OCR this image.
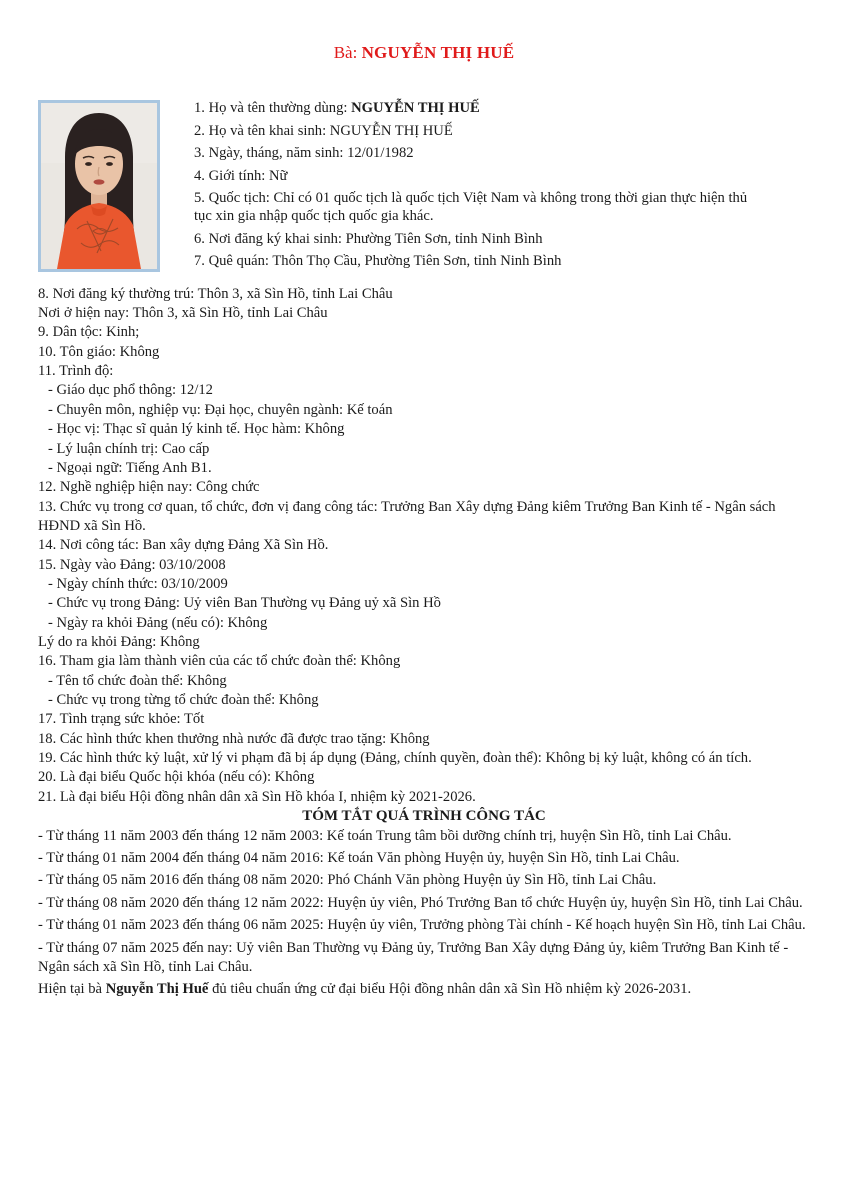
Bà: NGUYỄN THỊ HUẾ

1. Họ và tên thường dùng: NGUYỄN THỊ HUẾ

2. Họ và tên khai sinh: NGUYỄN THỊ HUẾ

3. Ngày, tháng, năm sinh: 12/01/1982

4. Giới tính: Nữ

5. Quốc tịch: Chỉ có 01 quốc tịch là quốc tịch Việt Nam và không trong thời gian thực hiện thủ tục xin gia nhập quốc tịch quốc gia khác.

6. Nơi đăng ký khai sinh: Phường Tiên Sơn, tỉnh Ninh Bình

7. Quê quán: Thôn Thọ Cầu, Phường Tiên Sơn, tỉnh Ninh Bình

8. Nơi đăng ký thường trú: Thôn 3, xã Sìn Hồ, tỉnh Lai Châu

Nơi ở hiện nay: Thôn 3, xã Sìn Hồ, tỉnh Lai Châu

9. Dân tộc: Kinh;

10. Tôn giáo: Không

11. Trình độ:

- Giáo dục phổ thông: 12/12

- Chuyên môn, nghiệp vụ: Đại học, chuyên ngành: Kế toán

- Học vị: Thạc sĩ quản lý kinh tế. Học hàm: Không

- Lý luận chính trị: Cao cấp

- Ngoại ngữ: Tiếng Anh B1.

12. Nghề nghiệp hiện nay: Công chức

13. Chức vụ trong cơ quan, tổ chức, đơn vị đang công tác: Trưởng Ban Xây dựng Đảng kiêm Trưởng Ban Kinh tế - Ngân sách HĐND xã Sìn Hồ.

14. Nơi công tác: Ban xây dựng Đảng Xã Sìn Hồ.

15. Ngày vào Đảng: 03/10/2008

- Ngày chính thức: 03/10/2009

- Chức vụ trong Đảng: Uỷ viên Ban Thường vụ Đảng uỷ xã Sìn Hồ

- Ngày ra khỏi Đảng (nếu có): Không

Lý do ra khỏi Đảng: Không

16. Tham gia làm thành viên của các tổ chức đoàn thể: Không

- Tên tổ chức đoàn thể: Không

- Chức vụ trong từng tổ chức đoàn thể: Không

17. Tình trạng sức khỏe: Tốt

18. Các hình thức khen thưởng nhà nước đã được trao tặng: Không

19. Các hình thức kỷ luật, xử lý vi phạm đã bị áp dụng (Đảng, chính quyền, đoàn thể): Không bị kỷ luật, không có án tích.

20. Là đại biểu Quốc hội khóa (nếu có): Không

21. Là đại biểu Hội đồng nhân dân xã Sìn Hồ khóa I, nhiệm kỳ 2021-2026.

TÓM TẮT QUÁ TRÌNH CÔNG TÁC

- Từ tháng 11 năm 2003 đến tháng 12 năm 2003: Kế toán Trung tâm bồi dưỡng chính trị, huyện Sìn Hồ, tỉnh Lai Châu.

- Từ tháng 01 năm 2004 đến tháng 04 năm 2016: Kế toán Văn phòng Huyện ủy, huyện Sìn Hồ, tỉnh Lai Châu.

- Từ tháng 05 năm 2016 đến tháng 08 năm 2020: Phó Chánh Văn phòng Huyện ủy Sìn Hồ, tỉnh Lai Châu.

- Từ tháng 08 năm 2020 đến tháng 12 năm 2022: Huyện ủy viên, Phó Trưởng Ban tổ chức Huyện ủy, huyện Sìn Hồ, tỉnh Lai Châu.

- Từ tháng 01 năm 2023 đến tháng 06 năm 2025: Huyện ủy viên, Trưởng phòng Tài chính - Kế hoạch huyện Sìn Hồ, tỉnh Lai Châu.

- Từ tháng 07 năm 2025 đến nay: Uỷ viên Ban Thường vụ Đảng ủy, Trưởng Ban Xây dựng Đảng ủy, kiêm Trưởng Ban Kinh tế - Ngân sách xã Sìn Hồ, tỉnh Lai Châu.

Hiện tại bà Nguyễn Thị Huế đủ tiêu chuẩn ứng cử đại biểu Hội đồng nhân dân xã Sìn Hồ nhiệm kỳ 2026-2031.
